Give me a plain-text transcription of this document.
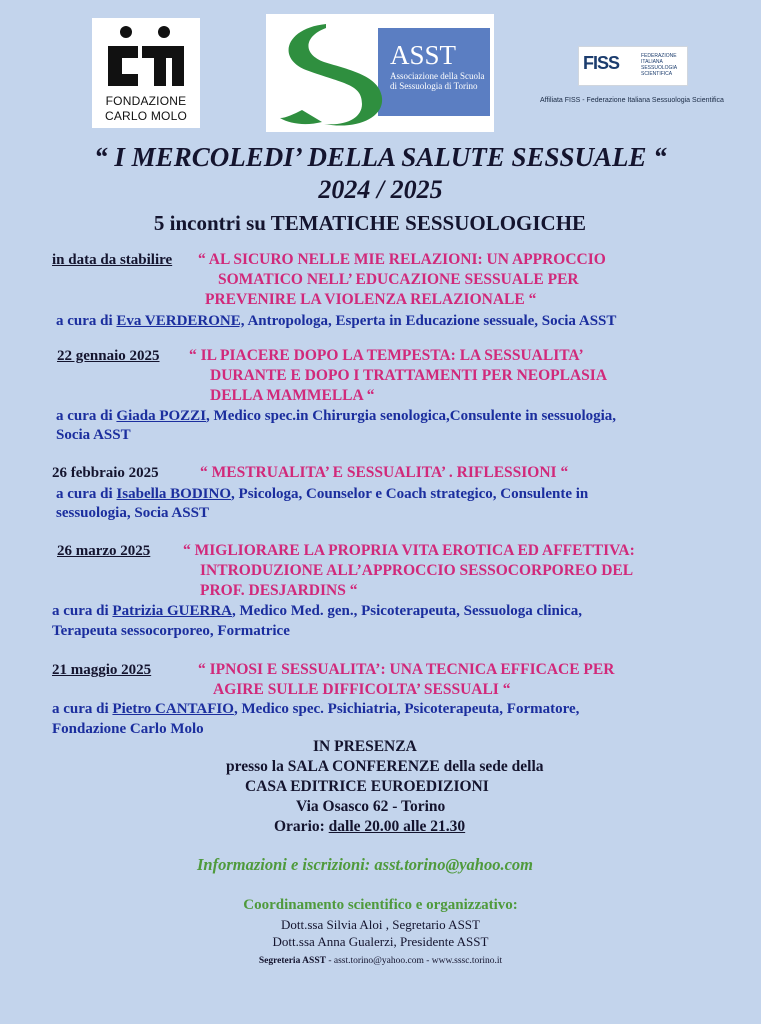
FONDAZIONE
CARLO MOLO
ASST
Associazione della Scuola di Sessuologia di Torino
FISS	FEDERAZIONE ITALIANA SESSUOLOGIA SCIENTIFICA
Affiliata FISS - Federazione Italiana Sessuologia Scientifica
“ I MERCOLEDI’ DELLA SALUTE SESSUALE “
2024 / 2025
5 incontri su TEMATICHE SESSUOLOGICHE
in data da stabilire “ AL SICURO NELLE MIE RELAZIONI: UN APPROCCIO
SOMATICO NELL’ EDUCAZIONE SESSUALE PER
PREVENIRE LA VIOLENZA RELAZIONALE “
a cura di Eva VERDERONE, Antropologa, Esperta in Educazione sessuale, Socia ASST
22 gennaio 2025 “ IL PIACERE DOPO LA TEMPESTA: LA SESSUALITA’
DURANTE E DOPO I TRATTAMENTI PER NEOPLASIA
DELLA MAMMELLA “
a cura di Giada POZZI, Medico spec.in Chirurgia senologica,Consulente in sessuologia,
Socia ASST
26 febbraio 2025	“ MESTRUALITA’ E SESSUALITA’ . RIFLESSIONI “
a cura di Isabella BODINO, Psicologa, Counselor e Coach strategico, Consulente in
sessuologia, Socia ASST
26 marzo 2025 “ MIGLIORARE LA PROPRIA VITA EROTICA ED AFFETTIVA:
INTRODUZIONE ALL’APPROCCIO SESSOCORPOREO DEL
PROF. DESJARDINS “
a cura di Patrizia GUERRA, Medico Med. gen., Psicoterapeuta, Sessuologa clinica,
Terapeuta sessocorporeo, Formatrice
21 maggio 2025	“ IPNOSI E SESSUALITA’: UNA TECNICA EFFICACE PER
AGIRE SULLE DIFFICOLTA’ SESSUALI “
a cura di Pietro CANTAFIO, Medico spec. Psichiatria, Psicoterapeuta, Formatore,
Fondazione Carlo Molo
IN PRESENZA
presso la SALA CONFERENZE della sede della
CASA EDITRICE EUROEDIZIONI
Via Osasco 62 - Torino
Orario: dalle 20.00 alle 21.30
Informazioni e iscrizioni: asst.torino@yahoo.com
Coordinamento scientifico e organizzativo:
Dott.ssa Silvia Aloi , Segretario ASST
Dott.ssa Anna Gualerzi, Presidente ASST
Segreteria ASST - asst.torino@yahoo.com - www.sssc.torino.it
